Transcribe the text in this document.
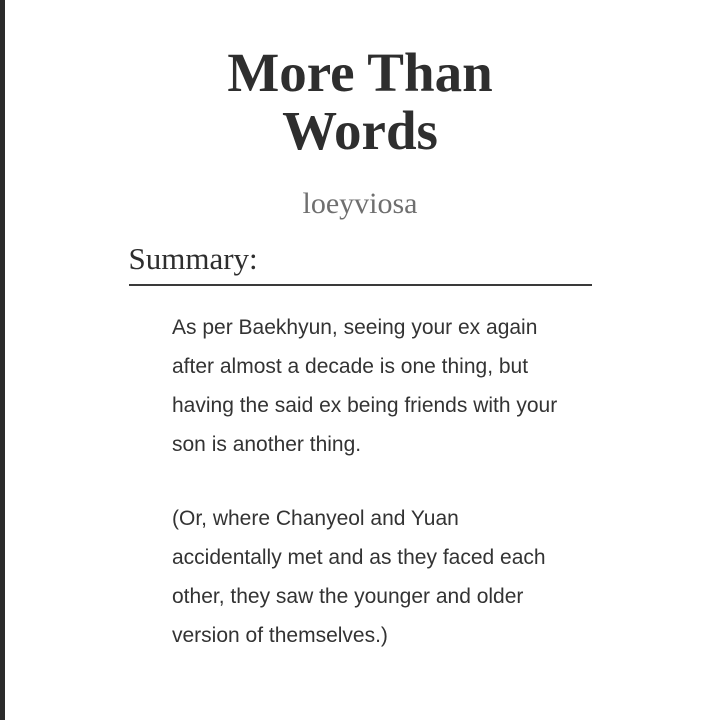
More Than Words
loeyviosa
Summary:

As per Baekhyun, seeing your ex again after almost a decade is one thing, but having the said ex being friends with your son is another thing.

(Or, where Chanyeol and Yuan accidentally met and as they faced each other, they saw the younger and older version of themselves.)
